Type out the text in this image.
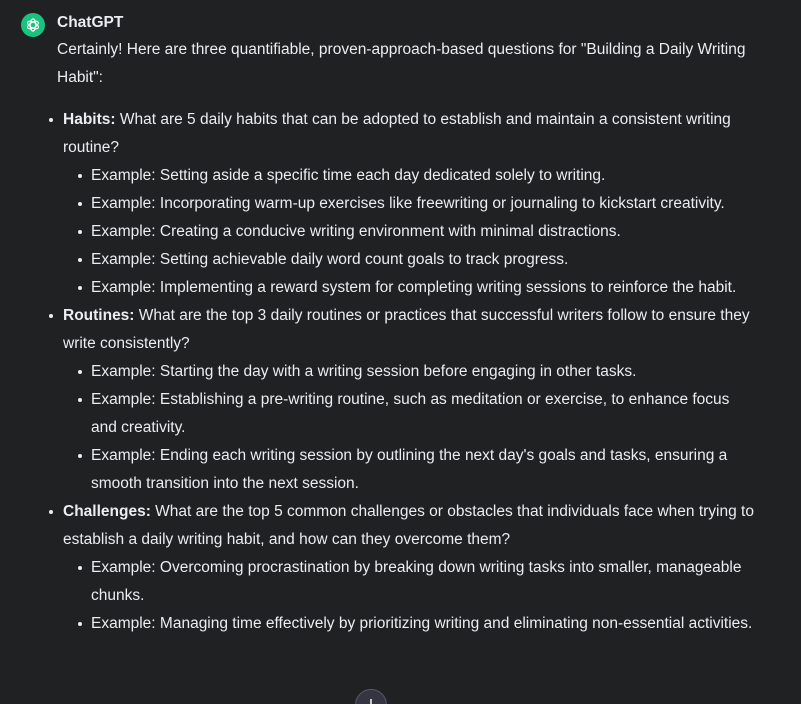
ChatGPT

Certainly! Here are three quantifiable, proven-approach-based questions for "Building a Daily Writing Habit":

Habits: What are 5 daily habits that can be adopted to establish and maintain a consistent writing routine?
Example: Setting aside a specific time each day dedicated solely to writing.
Example: Incorporating warm-up exercises like freewriting or journaling to kickstart creativity.
Example: Creating a conducive writing environment with minimal distractions.
Example: Setting achievable daily word count goals to track progress.
Example: Implementing a reward system for completing writing sessions to reinforce the habit.
Routines: What are the top 3 daily routines or practices that successful writers follow to ensure they write consistently?
Example: Starting the day with a writing session before engaging in other tasks.
Example: Establishing a pre-writing routine, such as meditation or exercise, to enhance focus and creativity.
Example: Ending each writing session by outlining the next day's goals and tasks, ensuring a smooth transition into the next session.
Challenges: What are the top 5 common challenges or obstacles that individuals face when trying to establish a daily writing habit, and how can they overcome them?
Example: Overcoming procrastination by breaking down writing tasks into smaller, manageable chunks.
Example: Managing time effectively by prioritizing writing and eliminating non-essential activities.
